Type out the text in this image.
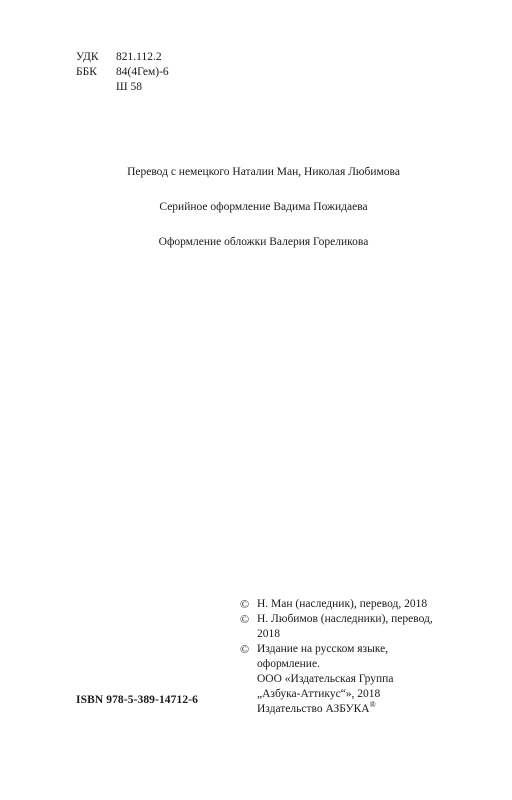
УДК	821.112.2
ББК	84(4Гем)-6
Ш 58
Перевод с немецкого Наталии Ман, Николая Любимова
Серийное оформление Вадима Пожидаева
Оформление обложки Валерия Гореликова
© Н. Ман (наследник), перевод, 2018
© Н. Любимов (наследники), перевод,
2018
© Издание на русском языке,
оформление.
ООО «Издательская Группа
„Азбука-Аттикус“», 2018
Издательство АЗБУКА®
ISBN 978-5-389-14712-6
